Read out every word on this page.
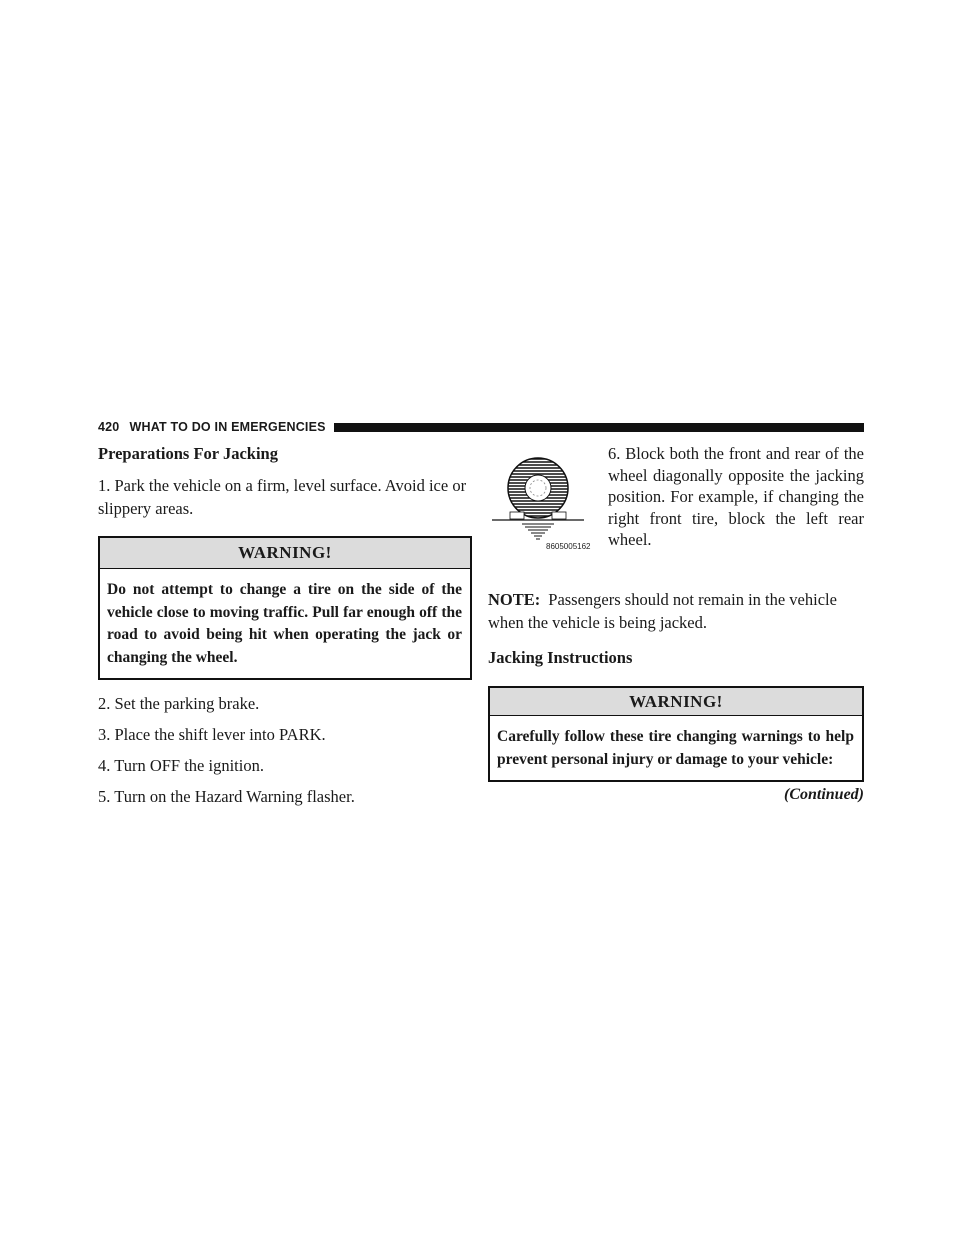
420 WHAT TO DO IN EMERGENCIES

Preparations For Jacking

1. Park the vehicle on a firm, level surface. Avoid ice or slippery areas.

WARNING!
Do not attempt to change a tire on the side of the vehicle close to moving traffic. Pull far enough off the road to avoid being hit when operating the jack or changing the wheel.

2. Set the parking brake.

3. Place the shift lever into PARK.

4. Turn OFF the ignition.

5. Turn on the Hazard Warning flasher.

6. Block both the front and rear of the wheel diagonally opposite the jacking position. For example, if changing the right front tire, block the left rear wheel.

8605005162

NOTE: Passengers should not remain in the vehicle when the vehicle is being jacked.

Jacking Instructions

WARNING!
Carefully follow these tire changing warnings to help prevent personal injury or damage to your vehicle:

(Continued)
